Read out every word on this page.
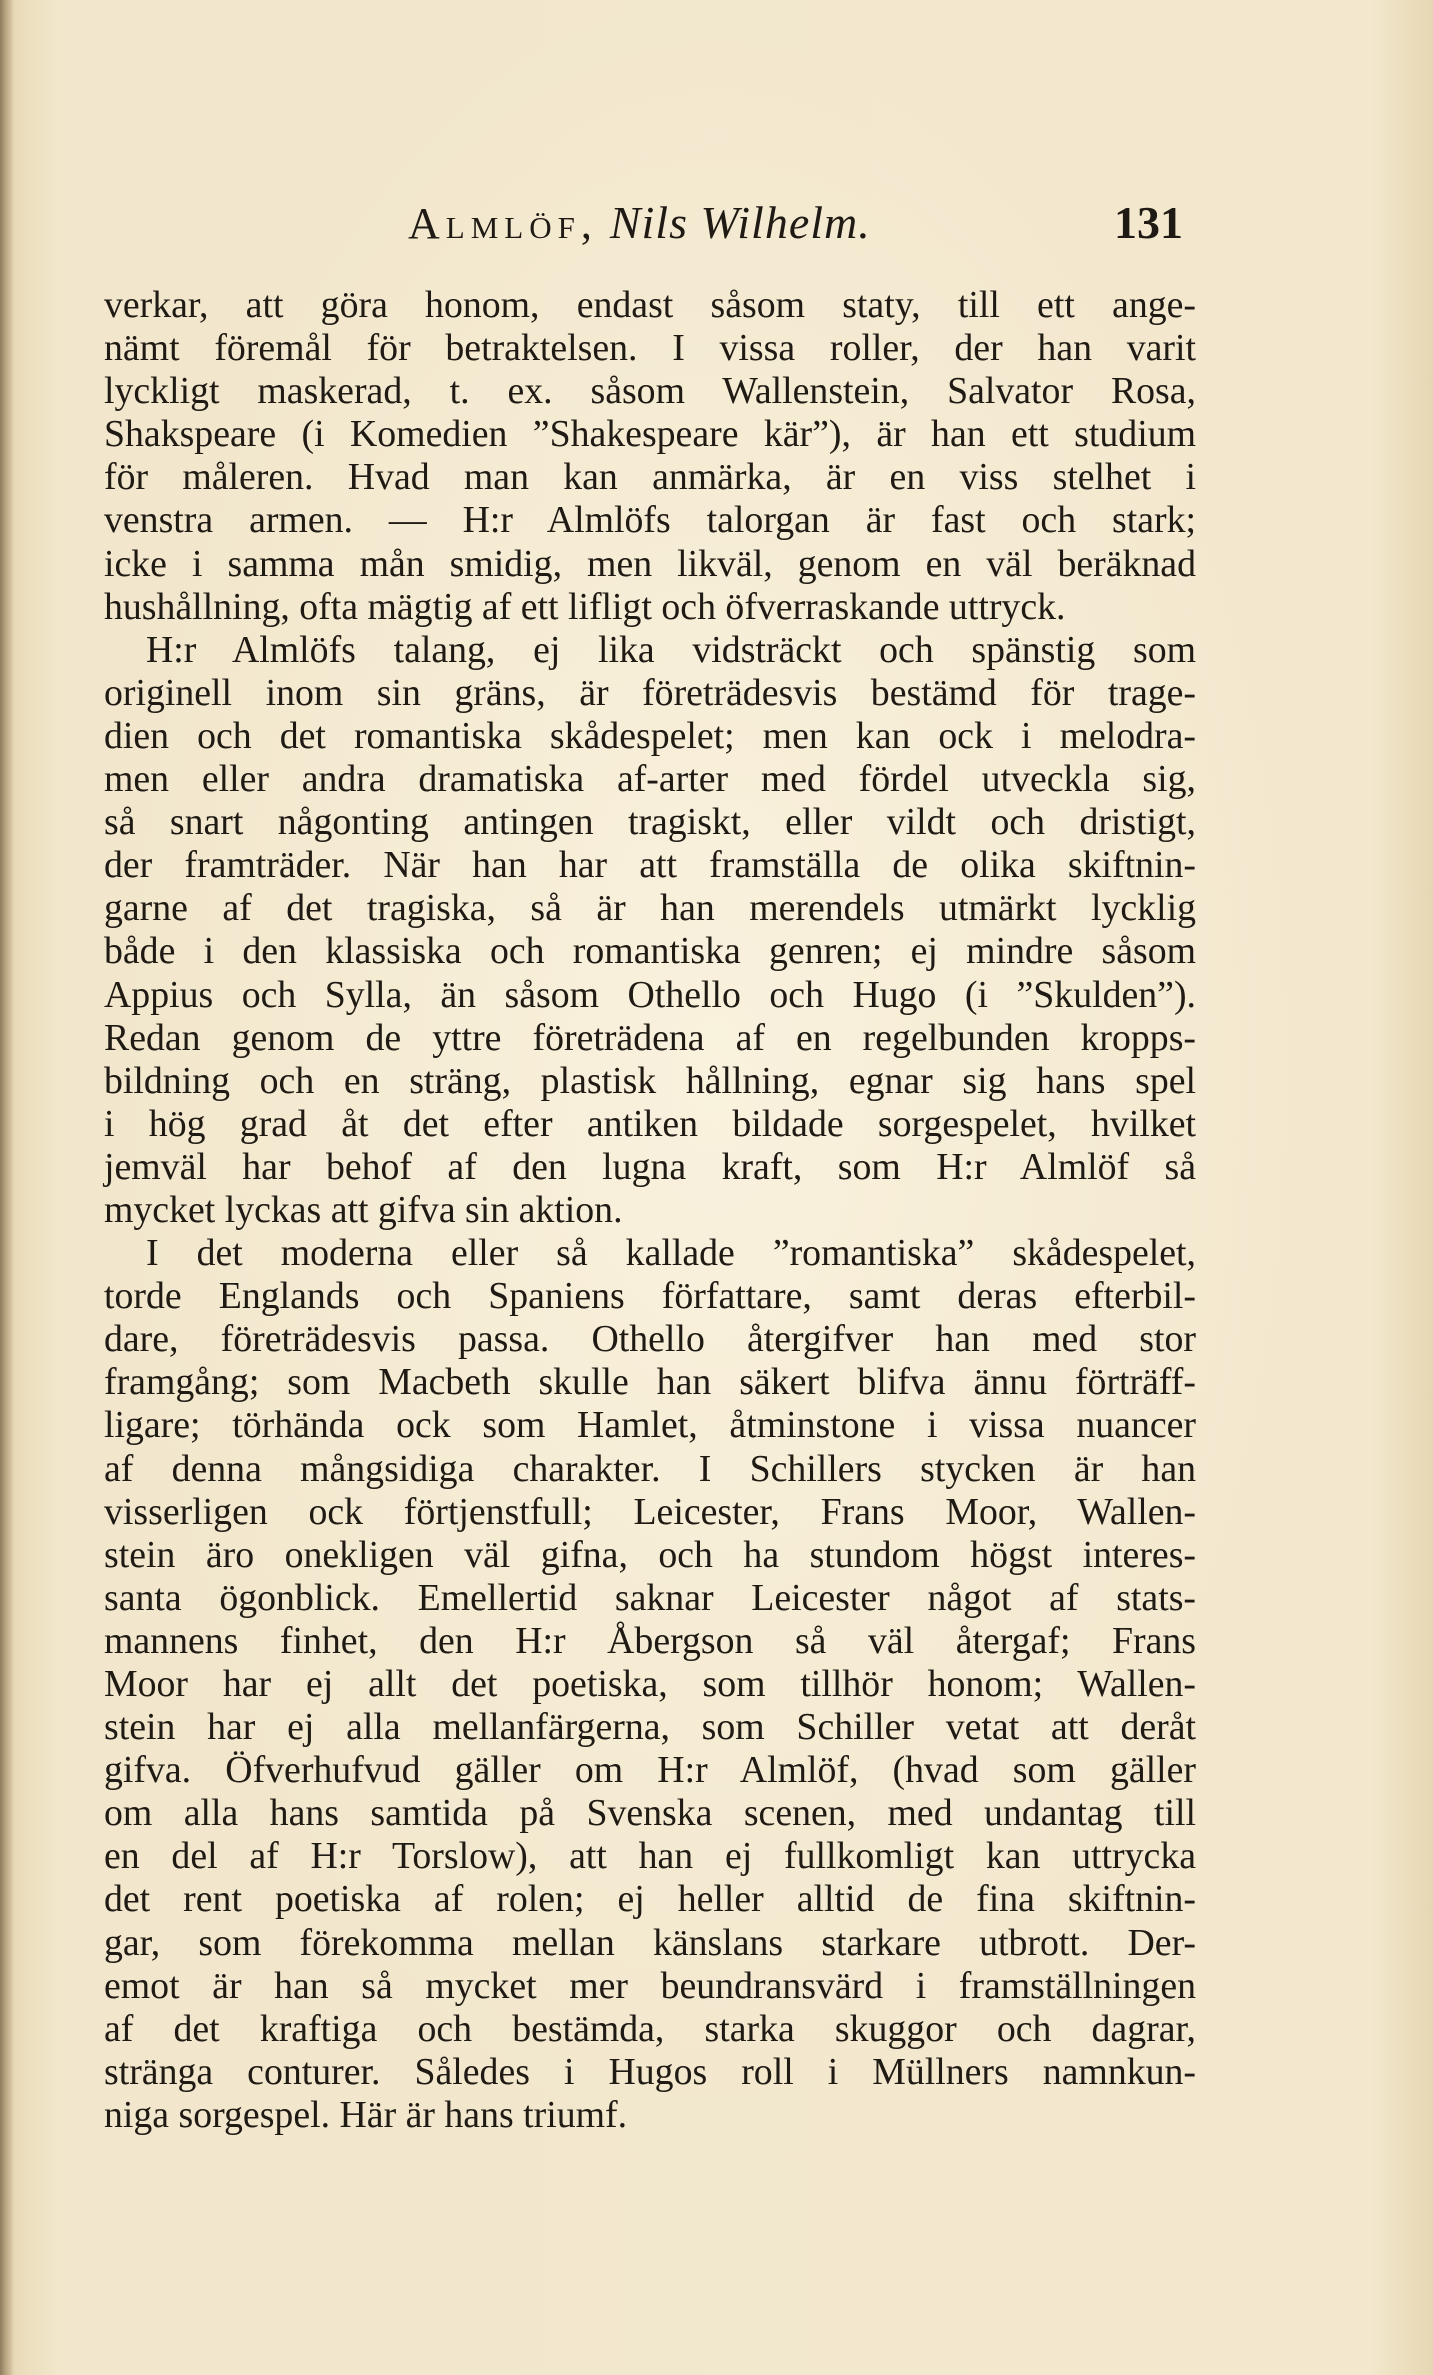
Almlöf, Nils Wilhelm.	131
verkar, att göra honom, endast såsom staty, till ett ange-
nämt föremål för betraktelsen. I vissa roller, der han varit
lyckligt maskerad, t. ex. såsom Wallenstein, Salvator Rosa,
Shakspeare (i Komedien ”Shakespeare kär”), är han ett studium
för måleren. Hvad man kan anmärka, är en viss stelhet i
venstra armen. — H:r Almlöfs talorgan är fast och stark;
icke i samma mån smidig, men likväl, genom en väl beräknad
hushållning, ofta mägtig af ett lifligt och öfverraskande uttryck.
H:r Almlöfs talang, ej lika vidsträckt och spänstig som
originell inom sin gräns, är företrädesvis bestämd för trage-
dien och det romantiska skådespelet; men kan ock i melodra-
men eller andra dramatiska af-arter med fördel utveckla sig,
så snart någonting antingen tragiskt, eller vildt och dristigt,
der framträder. När han har att framställa de olika skiftnin-
garne af det tragiska, så är han merendels utmärkt lycklig
både i den klassiska och romantiska genren; ej mindre såsom
Appius och Sylla, än såsom Othello och Hugo (i ”Skulden”).
Redan genom de yttre företrädena af en regelbunden kropps-
bildning och en sträng, plastisk hållning, egnar sig hans spel
i hög grad åt det efter antiken bildade sorgespelet, hvilket
jemväl har behof af den lugna kraft, som H:r Almlöf så
mycket lyckas att gifva sin aktion.
I det moderna eller så kallade ”romantiska” skådespelet,
torde Englands och Spaniens författare, samt deras efterbil-
dare, företrädesvis passa. Othello återgifver han med stor
framgång; som Macbeth skulle han säkert blifva ännu förträff-
ligare; törhända ock som Hamlet, åtminstone i vissa nuancer
af denna mångsidiga charakter. I Schillers stycken är han
visserligen ock förtjenstfull; Leicester, Frans Moor, Wallen-
stein äro onekligen väl gifna, och ha stundom högst interes-
santa ögonblick. Emellertid saknar Leicester något af stats-
mannens finhet, den H:r Åbergson så väl återgaf; Frans
Moor har ej allt det poetiska, som tillhör honom; Wallen-
stein har ej alla mellanfärgerna, som Schiller vetat att deråt
gifva. Öfverhufvud gäller om H:r Almlöf, (hvad som gäller
om alla hans samtida på Svenska scenen, med undantag till
en del af H:r Torslow), att han ej fullkomligt kan uttrycka
det rent poetiska af rolen; ej heller alltid de fina skiftnin-
gar, som förekomma mellan känslans starkare utbrott. Der-
emot är han så mycket mer beundransvärd i framställningen
af det kraftiga och bestämda, starka skuggor och dagrar,
stränga conturer. Således i Hugos roll i Müllners namnkun-
niga sorgespel. Här är hans triumf.
